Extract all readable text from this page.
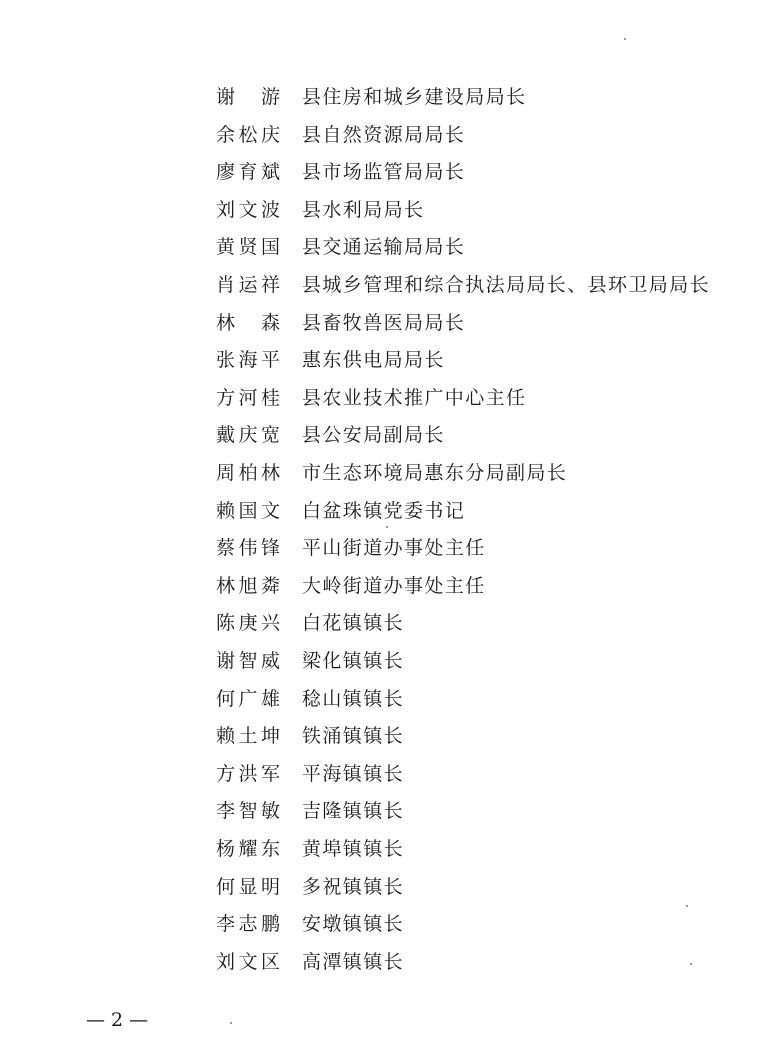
谢　游 县住房和城乡建设局局长
余松庆 县自然资源局局长
廖育斌 县市场监管局局长
刘文波 县水利局局长
黄贤国 县交通运输局局长
肖运祥 县城乡管理和综合执法局局长、县环卫局局长
林　森 县畜牧兽医局局长
张海平 惠东供电局局长
方河桂 县农业技术推广中心主任
戴庆宽 县公安局副局长
周柏林 市生态环境局惠东分局副局长
赖国文 白盆珠镇党委书记
蔡伟锋 平山街道办事处主任
林旭粦 大岭街道办事处主任
陈庚兴 白花镇镇长
谢智威 梁化镇镇长
何广雄 稔山镇镇长
赖土坤 铁涌镇镇长
方洪军 平海镇镇长
李智敏 吉隆镇镇长
杨耀东 黄埠镇镇长
何显明 多祝镇镇长
李志鹏 安墩镇镇长
刘文区 高潭镇镇长
— 2 —
